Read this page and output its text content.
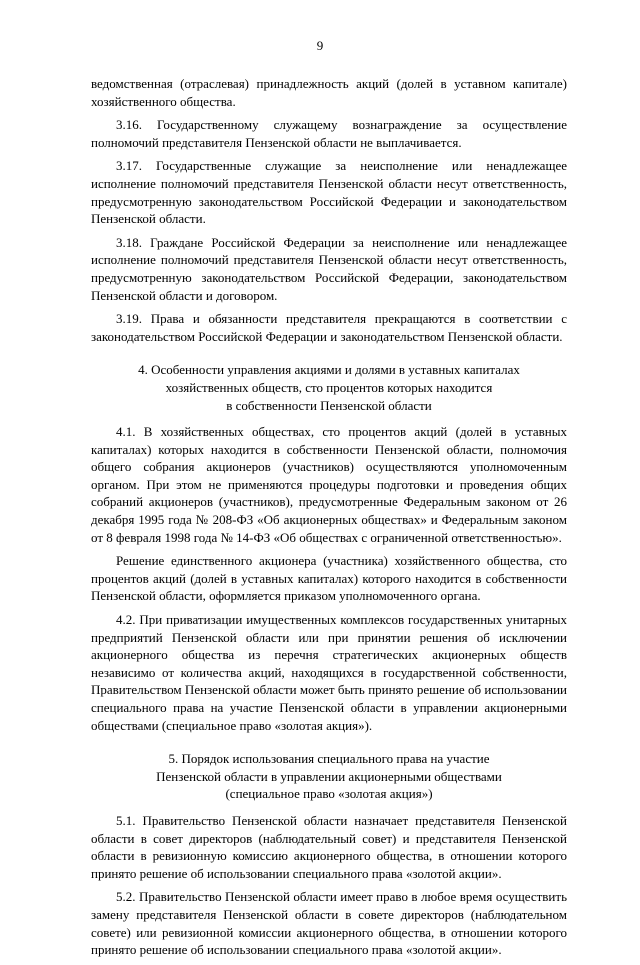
9

ведомственная (отраслевая) принадлежность акций (долей в уставном капитале) хозяйственного общества.

3.16. Государственному служащему вознаграждение за осуществление полномочий представителя Пензенской области не выплачивается.

3.17. Государственные служащие за неисполнение или ненадлежащее исполнение полномочий представителя Пензенской области несут ответственность, предусмотренную законодательством Российской Федерации и законодательством Пензенской области.

3.18. Граждане Российской Федерации за неисполнение или ненадлежащее исполнение полномочий представителя Пензенской области несут ответственность, предусмотренную законодательством Российской Федерации, законодательством Пензенской области и договором.

3.19. Права и обязанности представителя прекращаются в соответствии с законодательством Российской Федерации и законодательством Пензенской области.

4. Особенности управления акциями и долями в уставных капиталах
хозяйственных обществ, сто процентов которых находится
в собственности Пензенской области

4.1. В хозяйственных обществах, сто процентов акций (долей в уставных капиталах) которых находится в собственности Пензенской области, полномочия общего собрания акционеров (участников) осуществляются уполномоченным органом. При этом не применяются процедуры подготовки и проведения общих собраний акционеров (участников), предусмотренные Федеральным законом от 26 декабря 1995 года № 208-ФЗ «Об акционерных обществах» и Федеральным законом от 8 февраля 1998 года № 14-ФЗ «Об обществах с ограниченной ответственностью».

Решение единственного акционера (участника) хозяйственного общества, сто процентов акций (долей в уставных капиталах) которого находится в собственности Пензенской области, оформляется приказом уполномоченного органа.

4.2. При приватизации имущественных комплексов государственных унитарных предприятий Пензенской области или при принятии решения об исключении акционерного общества из перечня стратегических акционерных обществ независимо от количества акций, находящихся в государственной собственности, Правительством Пензенской области может быть принято решение об использовании специального права на участие Пензенской области в управлении акционерными обществами (специальное право «золотая акция»).

5. Порядок использования специального права на участие
Пензенской области в управлении акционерными обществами
(специальное право «золотая акция»)

5.1. Правительство Пензенской области назначает представителя Пензенской области в совет директоров (наблюдательный совет) и представителя Пензенской области в ревизионную комиссию акционерного общества, в отношении которого принято решение об использовании специального права «золотой акции».

5.2. Правительство Пензенской области имеет право в любое время осуществить замену представителя Пензенской области в совете директоров (наблюдательном совете) или ревизионной комиссии акционерного общества, в отношении которого принято решение об использовании специального права «золотой акции».
